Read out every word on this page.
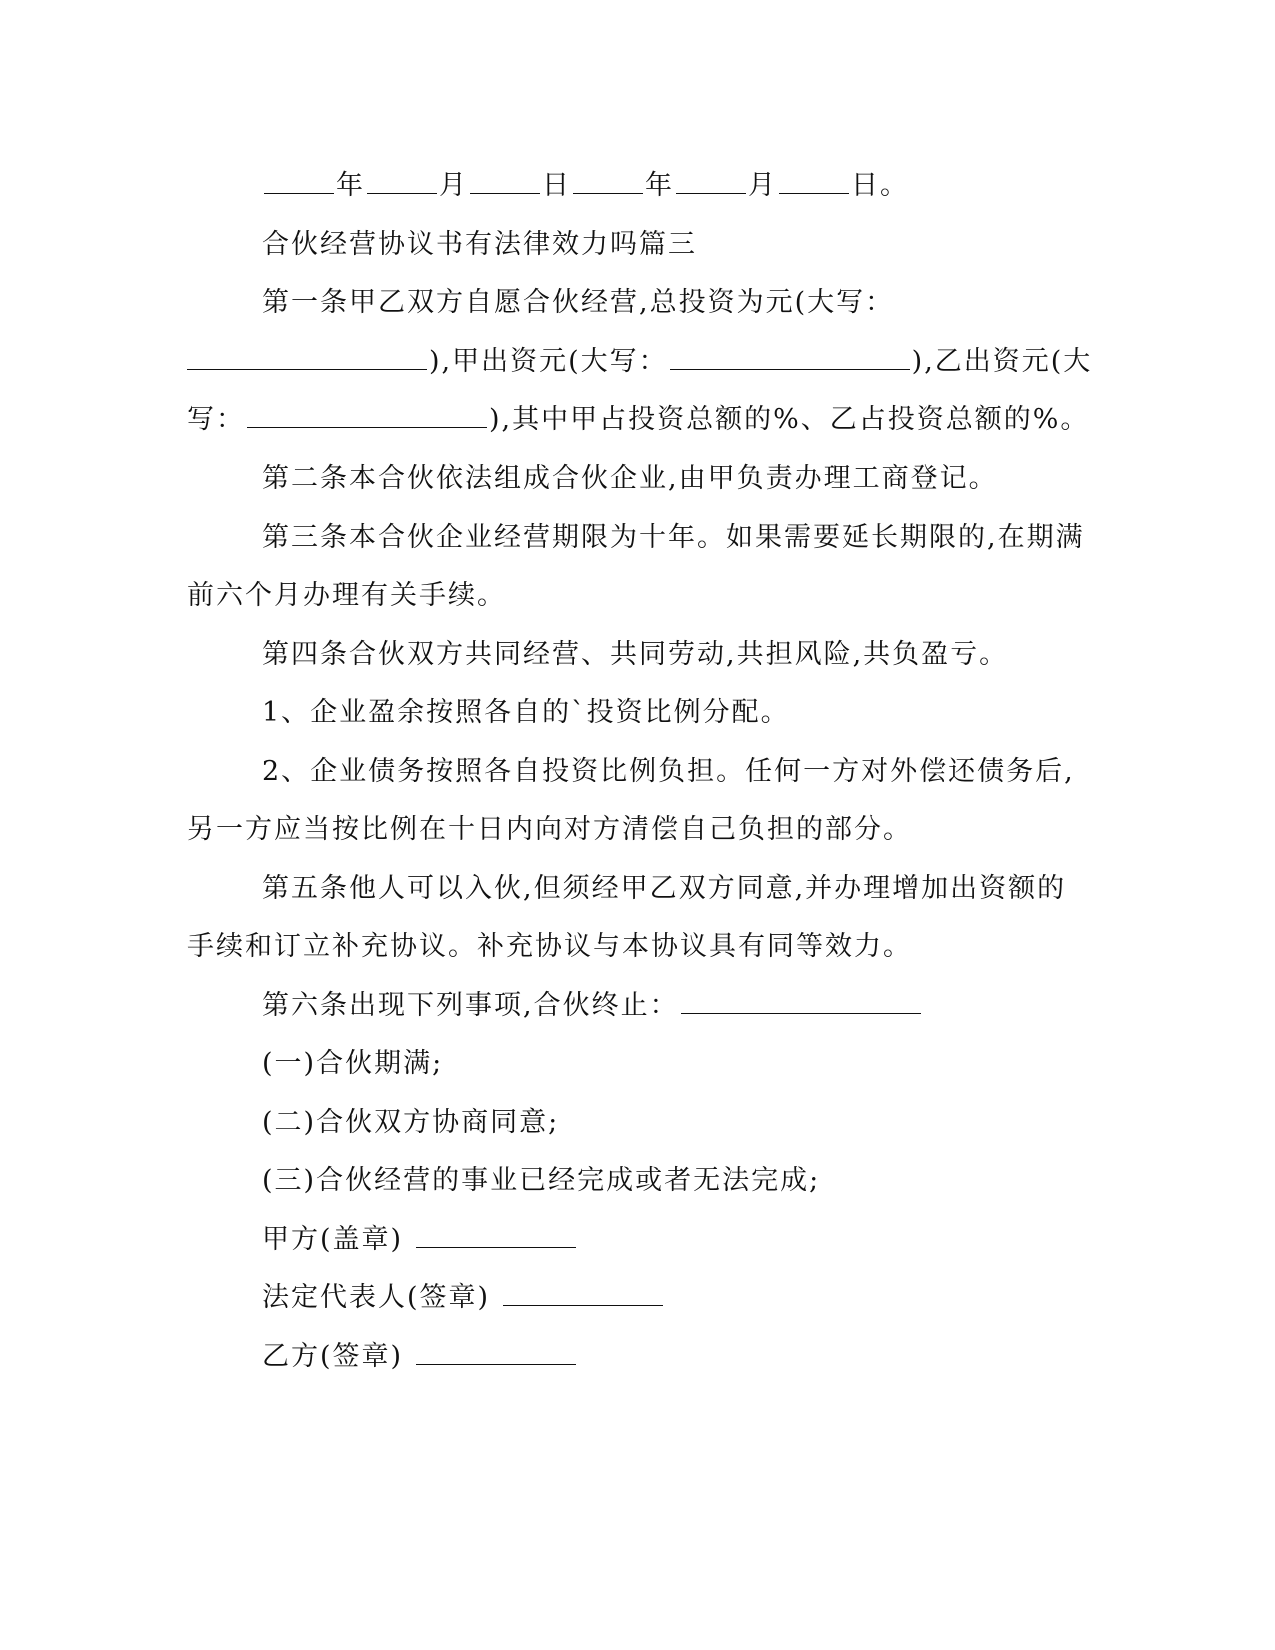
年	月	日	年	月	日。
合伙经营协议书有法律效力吗篇三
第一条甲乙双方自愿合伙经营,总投资为元(大写：
),甲出资元(大写：	),乙出资元(大
写：	),其中甲占投资总额的%、乙占投资总额的%。
第二条本合伙依法组成合伙企业,由甲负责办理工商登记。
第三条本合伙企业经营期限为十年。如果需要延长期限的,在期满
前六个月办理有关手续。
第四条合伙双方共同经营、共同劳动,共担风险,共负盈亏。
1、企业盈余按照各自的`投资比例分配。
2、企业债务按照各自投资比例负担。任何一方对外偿还债务后,
另一方应当按比例在十日内向对方清偿自己负担的部分。
第五条他人可以入伙,但须经甲乙双方同意,并办理增加出资额的
手续和订立补充协议。补充协议与本协议具有同等效力。
第六条出现下列事项,合伙终止：
(一)合伙期满;
(二)合伙双方协商同意;
(三)合伙经营的事业已经完成或者无法完成;
甲方(盖章)
法定代表人(签章)
乙方(签章)
